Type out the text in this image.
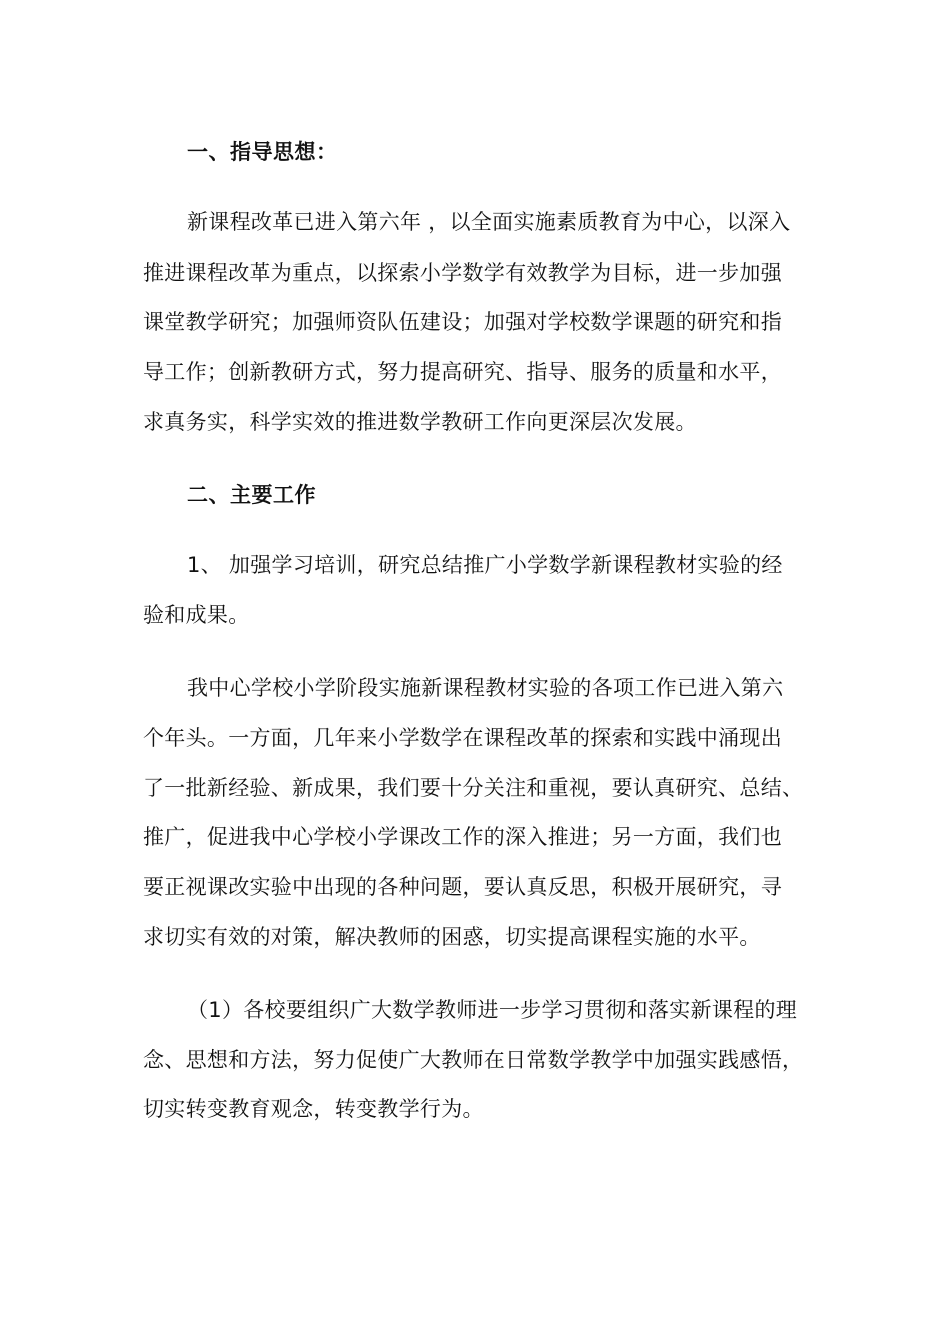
一、指导思想：
新课程改革已进入第六年 ，以全面实施素质教育为中心，以深入
推进课程改革为重点，以探索小学数学有效教学为目标，进一步加强
课堂教学研究；加强师资队伍建设；加强对学校数学课题的研究和指
导工作；创新教研方式，努力提高研究、指导、服务的质量和水平，
求真务实，科学实效的推进数学教研工作向更深层次发展。
二、主要工作
1、 加强学习培训，研究总结推广小学数学新课程教材实验的经
验和成果。
我中心学校小学阶段实施新课程教材实验的各项工作已进入第六
个年头。一方面，几年来小学数学在课程改革的探索和实践中涌现出
了一批新经验、新成果，我们要十分关注和重视，要认真研究、总结、
推广，促进我中心学校小学课改工作的深入推进；另一方面，我们也
要正视课改实验中出现的各种问题，要认真反思，积极开展研究，寻
求切实有效的对策，解决教师的困惑，切实提高课程实施的水平。
（1）各校要组织广大数学教师进一步学习贯彻和落实新课程的理
念、思想和方法，努力促使广大教师在日常数学教学中加强实践感悟，
切实转变教育观念，转变教学行为。
